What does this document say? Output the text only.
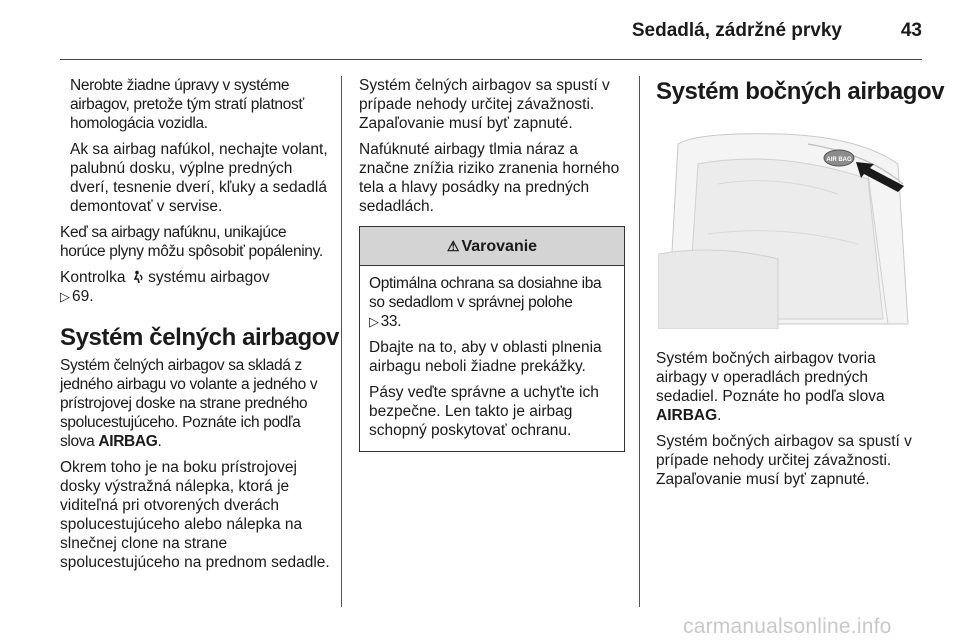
Sedadlá, zádržné prvky	43

Nerobte žiadne úpravy v systéme airbagov, pretože tým stratí platnosť homologácia vozidla.

Ak sa airbag nafúkol, nechajte volant, palubnú dosku, výplne predných dverí, tesnenie dverí, kľuky a sedadlá demontovať v servise.

Keď sa airbagy nafúknu, unikajúce horúce plyny môžu spôsobiť popáleniny.

Kontrolka systému airbagov
▷ 69.

Systém čelných airbagov

Systém čelných airbagov sa skladá z jedného airbagu vo volante a jedného v prístrojovej doske na strane predného spolucestujúceho. Poznáte ich podľa slova AIRBAG.

Okrem toho je na boku prístrojovej dosky výstražná nálepka, ktorá je viditeľná pri otvorených dverách spolucestujúceho alebo nálepka na slnečnej clone na strane spolucestujúceho na prednom sedadle.

Systém čelných airbagov sa spustí v prípade nehody určitej závažnosti. Zapaľovanie musí byť zapnuté.

Nafúknuté airbagy tlmia náraz a značne znížia riziko zranenia horného tela a hlavy posádky na predných sedadlách.

⚠ Varovanie

Optimálna ochrana sa dosiahne iba so sedadlom v správnej polohe
▷ 33.

Dbajte na to, aby v oblasti plnenia airbagu neboli žiadne prekážky.

Pásy veďte správne a uchyťte ich bezpečne. Len takto je airbag schopný poskytovať ochranu.

Systém bočných airbagov
AIR BAG

Systém bočných airbagov tvoria airbagy v operadlách predných sedadiel. Poznáte ho podľa slova AIRBAG.

Systém bočných airbagov sa spustí v prípade nehody určitej závažnosti. Zapaľovanie musí byť zapnuté.

carmanualsonline.info
